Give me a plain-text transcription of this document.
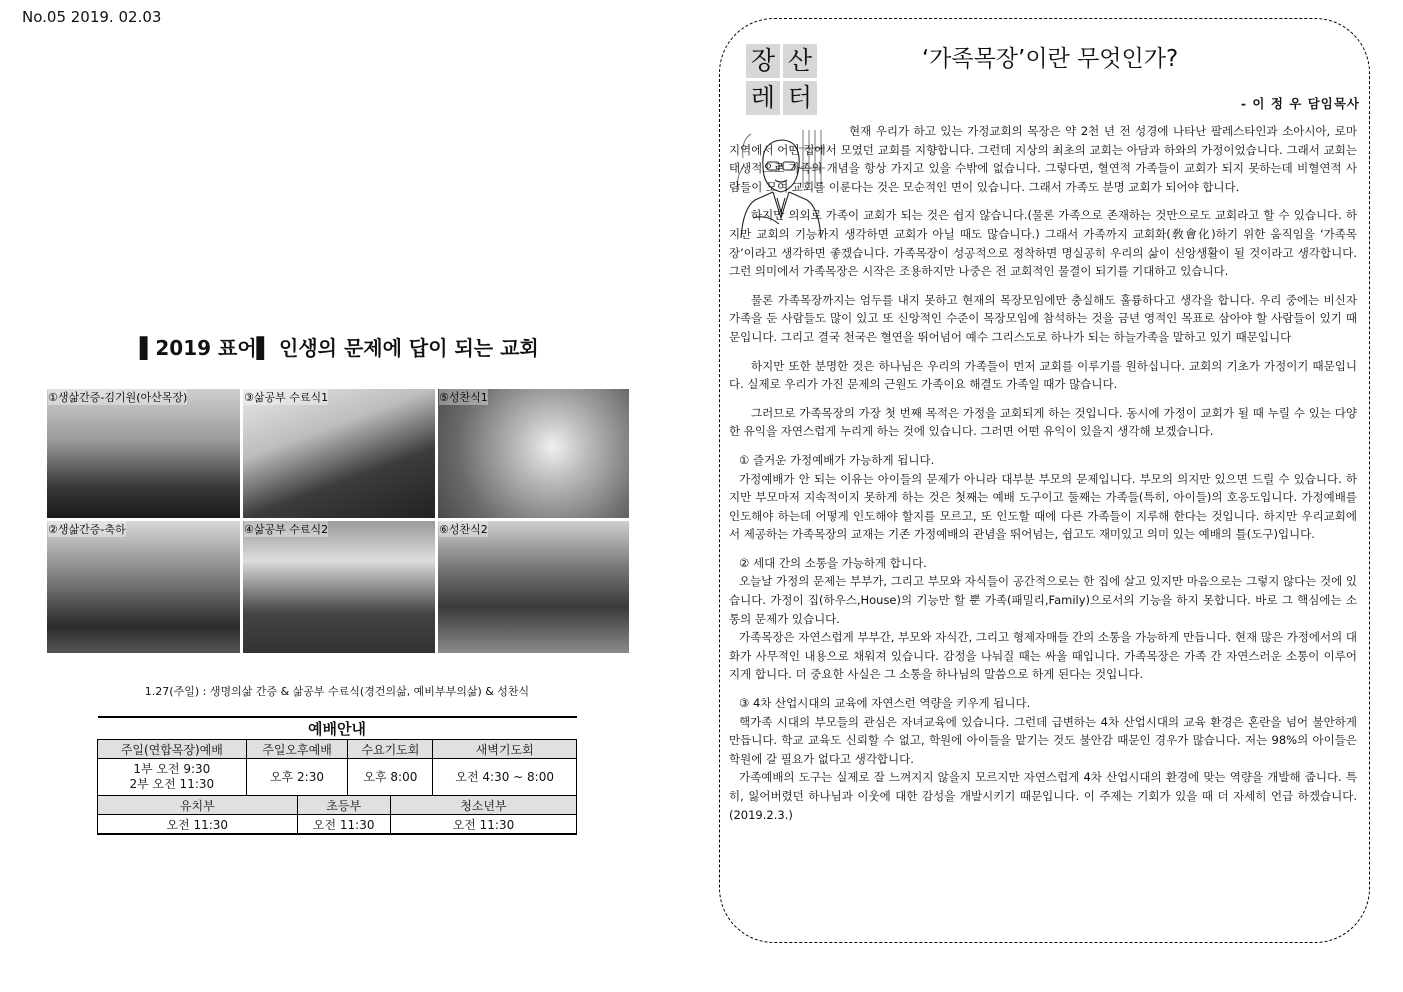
No.05 2019. 02.03
▌2019 표어▌ 인생의 문제에 답이 되는 교회
①생삶간증-김기원(아산목장)	③삶공부 수료식1	⑤성찬식1
②생삶간증-축하	④삶공부 수료식2	⑥성찬식2
1.27(주일) : 생명의삶 간증 & 삶공부 수료식(경건의삶, 예비부부의삶) & 성찬식
예배안내					
주일(연합목장)예배	주일오후예배		수요기도회		새벽기도회

1부 오전 9:30
2부 오전 11:30	오후 2:30		오후 8:00		오전 4:30 ~ 8:00
유치부		초등부		청소년부	
오전 11:30		오전 11:30		오전 11:30	
장 산
레 터
‘가족목장’이란 무엇인가?
- 이 정 우 담임목사

현재 우리가 하고 있는 가정교회의 목장은 약 2천 년 전 성경에 나타난 팔레스타인과 소아시아, 로마 지역에서 어떤 집에서 모였던 교회를 지향합니다. 그런데 지상의 최초의 교회는 아담과 하와의 가정이었습니다. 그래서 교회는 태생적으로 가족의 개념을 항상 가지고 있을 수밖에 없습니다. 그렇다면, 혈연적 가족들이 교회가 되지 못하는데 비혈연적 사람들이 모여 교회를 이룬다는 것은 모순적인 면이 있습니다. 그래서 가족도 분명 교회가 되어야 합니다.

하지만 의외로 가족이 교회가 되는 것은 쉽지 않습니다.(물론 가족으로 존재하는 것만으로도 교회라고 할 수 있습니다. 하지만 교회의 기능까지 생각하면 교회가 아닐 때도 많습니다.) 그래서 가족까지 교회화(敎會化)하기 위한 움직임을 ‘가족목장’이라고 생각하면 좋겠습니다. 가족목장이 성공적으로 정착하면 명실공히 우리의 삶이 신앙생활이 될 것이라고 생각합니다. 그런 의미에서 가족목장은 시작은 조용하지만 나중은 전 교회적인 물결이 되기를 기대하고 있습니다.

물론 가족목장까지는 엄두를 내지 못하고 현재의 목장모임에만 충실해도 훌륭하다고 생각을 합니다. 우리 중에는 비신자 가족을 둔 사람들도 많이 있고 또 신앙적인 수준이 목장모임에 참석하는 것을 금년 영적인 목표로 삼아야 할 사람들이 있기 때문입니다. 그리고 결국 천국은 혈연을 뛰어넘어 예수 그리스도로 하나가 되는 하늘가족을 말하고 있기 때문입니다

하지만 또한 분명한 것은 하나님은 우리의 가족들이 먼저 교회를 이루기를 원하십니다. 교회의 기초가 가정이기 때문입니다. 실제로 우리가 가진 문제의 근원도 가족이요 해결도 가족일 때가 많습니다.

그러므로 가족목장의 가장 첫 번째 목적은 가정을 교회되게 하는 것입니다. 동시에 가정이 교회가 될 때 누릴 수 있는 다양한 유익을 자연스럽게 누리게 하는 것에 있습니다. 그러면 어떤 유익이 있을지 생각해 보겠습니다.

① 즐거운 가정예배가 가능하게 됩니다.
가정예배가 안 되는 이유는 아이들의 문제가 아니라 대부분 부모의 문제입니다. 부모의 의지만 있으면 드릴 수 있습니다. 하지만 부모마저 지속적이지 못하게 하는 것은 첫째는 예배 도구이고 둘째는 가족들(특히, 아이들)의 호응도입니다. 가정예배를 인도해야 하는데 어떻게 인도해야 할지를 모르고, 또 인도할 때에 다른 가족들이 지루해 한다는 것입니다. 하지만 우리교회에서 제공하는 가족목장의 교재는 기존 가정예배의 관념을 뛰어넘는, 쉽고도 재미있고 의미 있는 예배의 틀(도구)입니다.
② 세대 간의 소통을 가능하게 합니다.
오늘날 가정의 문제는 부부가, 그리고 부모와 자식들이 공간적으로는 한 집에 살고 있지만 마음으로는 그렇지 않다는 것에 있습니다. 가정이 집(하우스,House)의 기능만 할 뿐 가족(패밀리,Family)으로서의 기능을 하지 못합니다. 바로 그 핵심에는 소통의 문제가 있습니다.
가족목장은 자연스럽게 부부간, 부모와 자식간, 그리고 형제자매들 간의 소통을 가능하게 만듭니다. 현재 많은 가정에서의 대화가 사무적인 내용으로 채워져 있습니다. 감정을 나눠질 때는 싸울 때입니다. 가족목장은 가족 간 자연스러운 소통이 이루어지게 합니다. 더 중요한 사실은 그 소통을 하나님의 말씀으로 하게 된다는 것입니다.
③ 4차 산업시대의 교육에 자연스런 역량을 키우게 됩니다.
핵가족 시대의 부모들의 관심은 자녀교육에 있습니다. 그런데 급변하는 4차 산업시대의 교육 환경은 혼란을 넘어 불안하게 만듭니다. 학교 교육도 신뢰할 수 없고, 학원에 아이들을 맡기는 것도 불안감 때문인 경우가 많습니다. 저는 98%의 아이들은 학원에 갈 필요가 없다고 생각합니다.
가족예배의 도구는 실제로 잘 느껴지지 않을지 모르지만 자연스럽게 4차 산업시대의 환경에 맞는 역량을 개발해 줍니다. 특히, 잃어버렸던 하나님과 이웃에 대한 감성을 개발시키기 때문입니다. 이 주제는 기회가 있을 때 더 자세히 언급 하겠습니다.(2019.2.3.)
